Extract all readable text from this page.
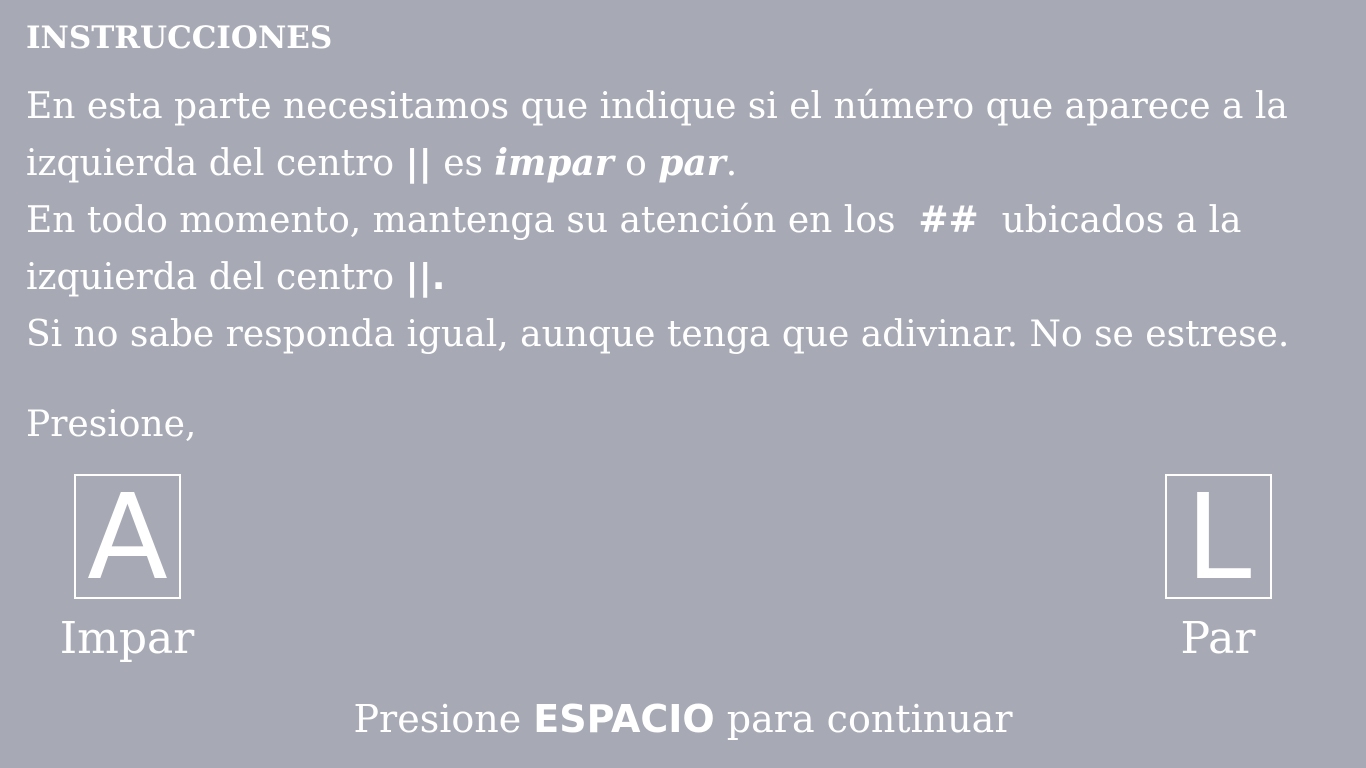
INSTRUCCIONES
En esta parte necesitamos que indique si el número que aparece a la
izquierda del centro || es impar o par.
En todo momento, mantenga su atención en los  ##  ubicados a la
izquierda del centro ||.
Si no sabe responda igual, aunque tenga que adivinar. No se estrese.
Presione,
A
Impar
L
Par
Presione ESPACIO para continuar
